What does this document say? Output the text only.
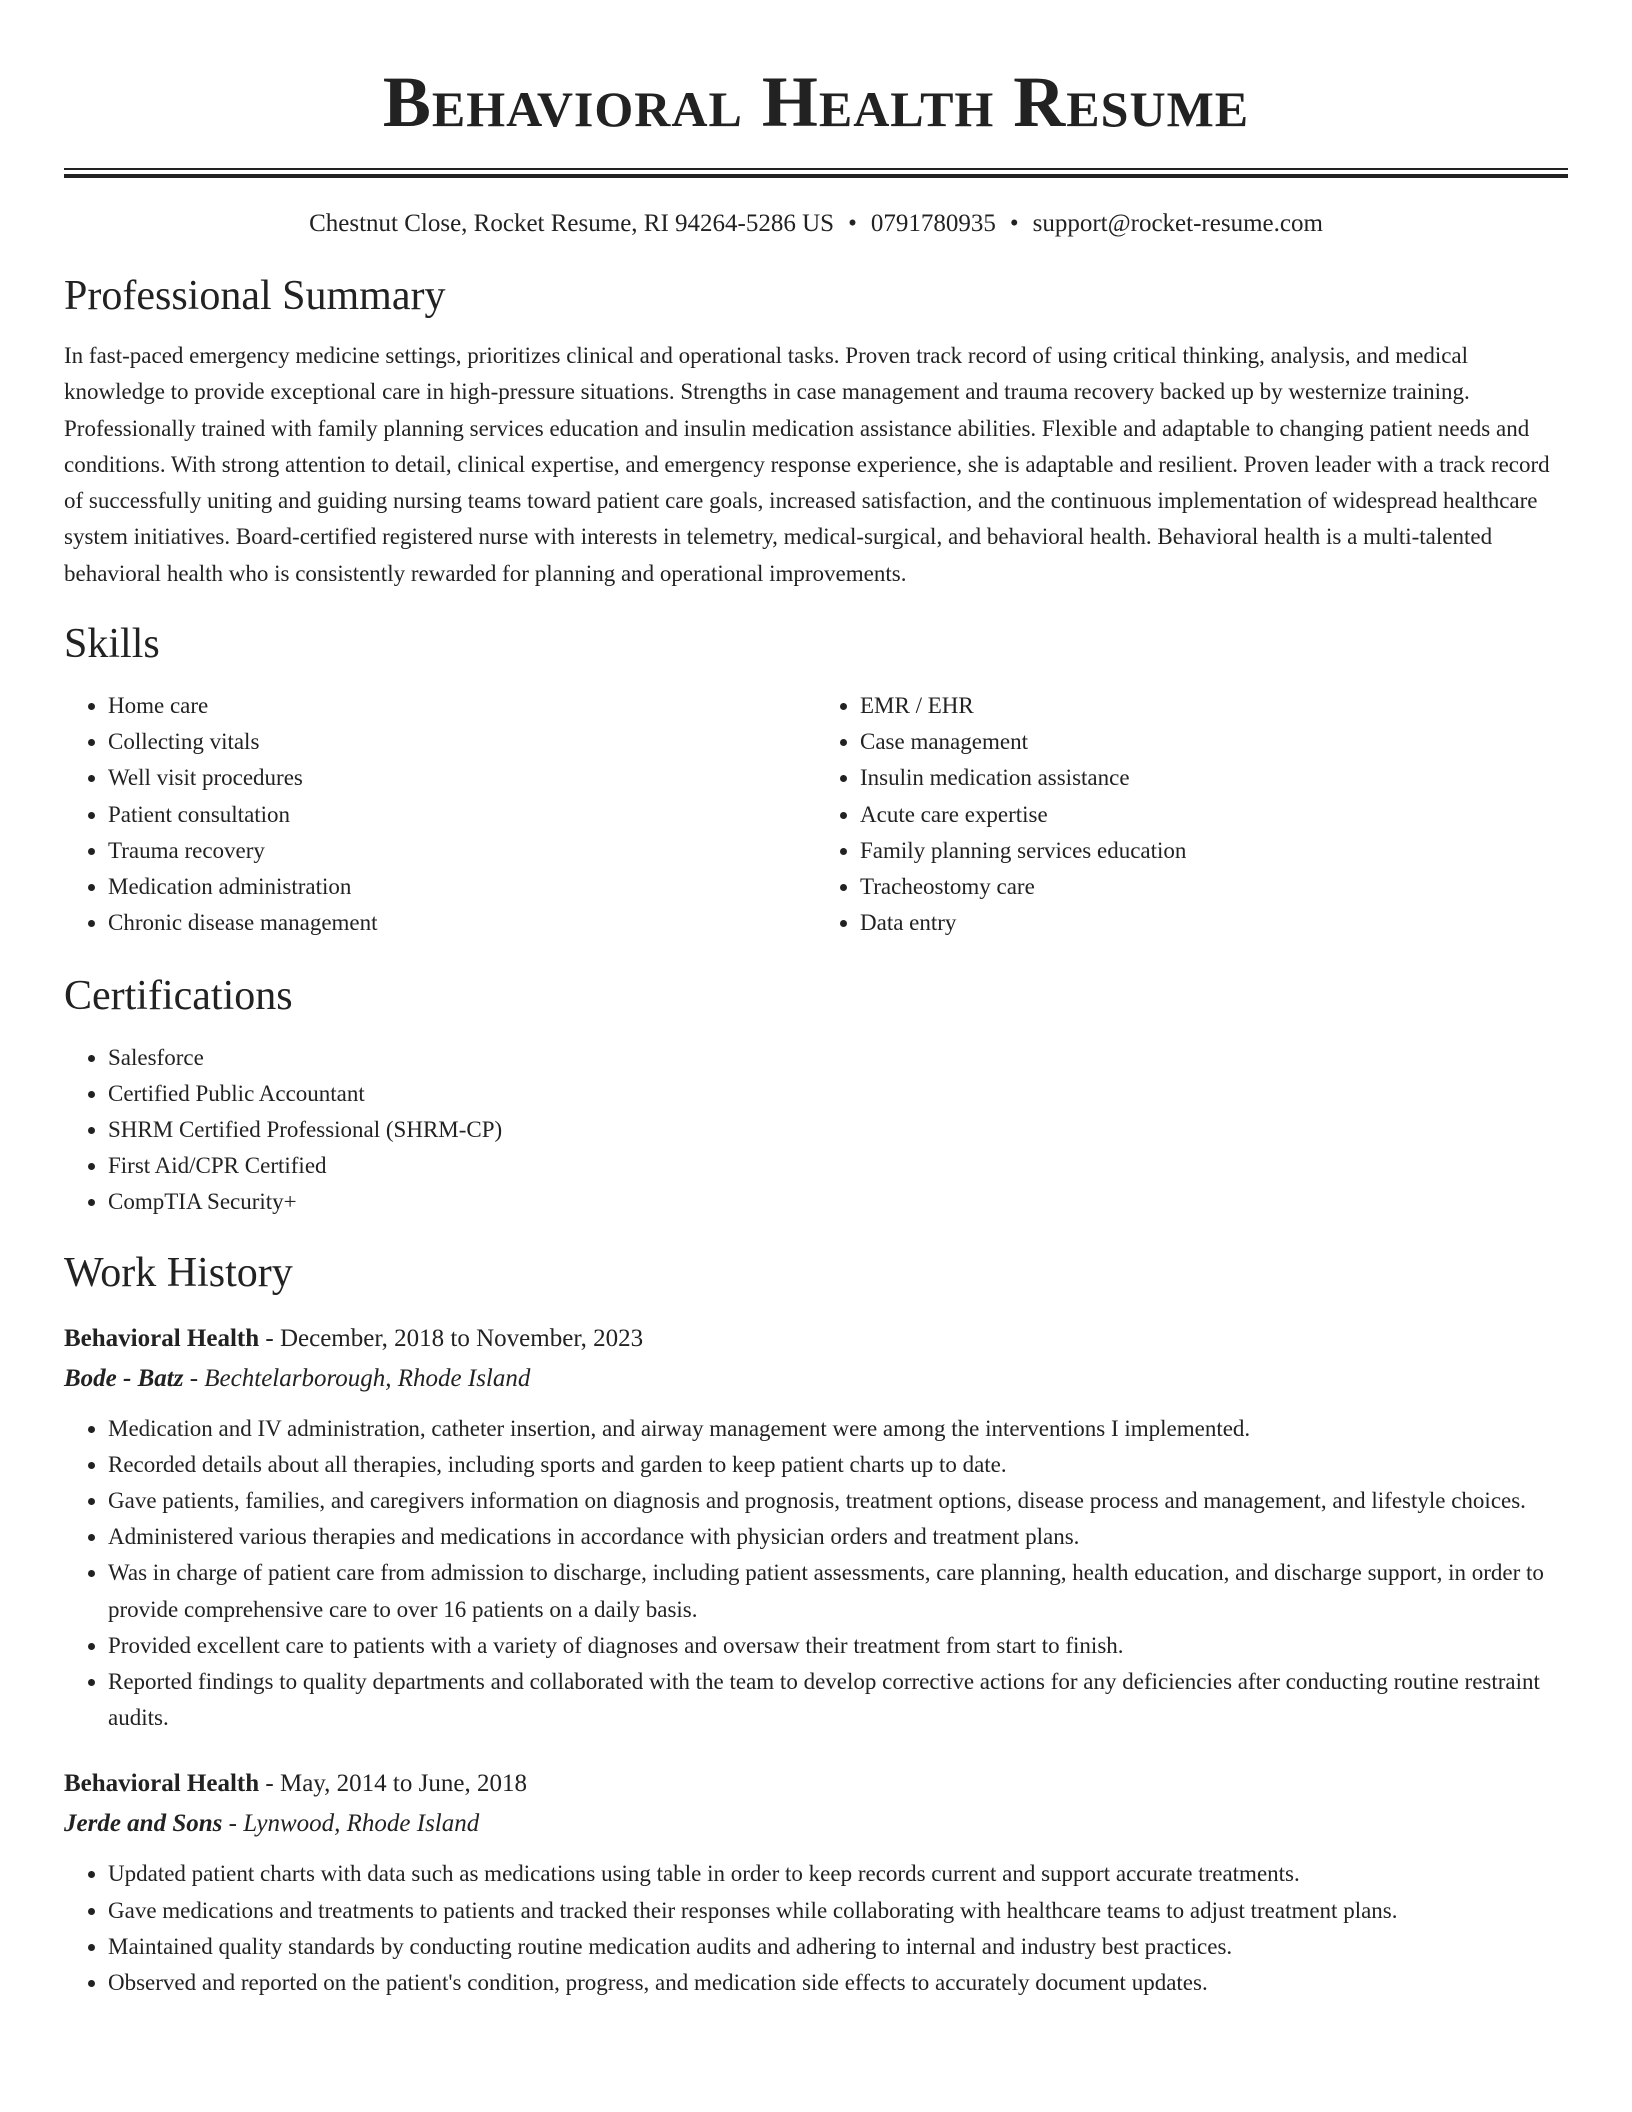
Behavioral Health Resume
Chestnut Close, Rocket Resume, RI 94264-5286 US • 0791780935 • support@rocket-resume.com
Professional Summary

In fast-paced emergency medicine settings, prioritizes clinical and operational tasks. Proven track record of using critical thinking, analysis, and medical knowledge to provide exceptional care in high-pressure situations. Strengths in case management and trauma recovery backed up by westernize training. Professionally trained with family planning services education and insulin medication assistance abilities. Flexible and adaptable to changing patient needs and conditions. With strong attention to detail, clinical expertise, and emergency response experience, she is adaptable and resilient. Proven leader with a track record of successfully uniting and guiding nursing teams toward patient care goals, increased satisfaction, and the continuous implementation of widespread healthcare system initiatives. Board-certified registered nurse with interests in telemetry, medical-surgical, and behavioral health. Behavioral health is a multi-talented behavioral health who is consistently rewarded for planning and operational improvements.

Skills
• Home care
• Collecting vitals
• Well visit procedures
• Patient consultation
• Trauma recovery
• Medication administration
• Chronic disease management
• EMR / EHR
• Case management
• Insulin medication assistance
• Acute care expertise
• Family planning services education
• Tracheostomy care
• Data entry
Certifications
• Salesforce
• Certified Public Accountant
• SHRM Certified Professional (SHRM-CP)
• First Aid/CPR Certified
• CompTIA Security+
Work History
Behavioral Health - December, 2018 to November, 2023
Bode - Batz - Bechtelarborough, Rhode Island
• Medication and IV administration, catheter insertion, and airway management were among the interventions I implemented.
• Recorded details about all therapies, including sports and garden to keep patient charts up to date.
• Gave patients, families, and caregivers information on diagnosis and prognosis, treatment options, disease process and management, and lifestyle choices.
• Administered various therapies and medications in accordance with physician orders and treatment plans.
• Was in charge of patient care from admission to discharge, including patient assessments, care planning, health education, and discharge support, in order to provide comprehensive care to over 16 patients on a daily basis.
• Provided excellent care to patients with a variety of diagnoses and oversaw their treatment from start to finish.
• Reported findings to quality departments and collaborated with the team to develop corrective actions for any deficiencies after conducting routine restraint audits.
Behavioral Health - May, 2014 to June, 2018
Jerde and Sons - Lynwood, Rhode Island
• Updated patient charts with data such as medications using table in order to keep records current and support accurate treatments.
• Gave medications and treatments to patients and tracked their responses while collaborating with healthcare teams to adjust treatment plans.
• Maintained quality standards by conducting routine medication audits and adhering to internal and industry best practices.
• Observed and reported on the patient's condition, progress, and medication side effects to accurately document updates.
